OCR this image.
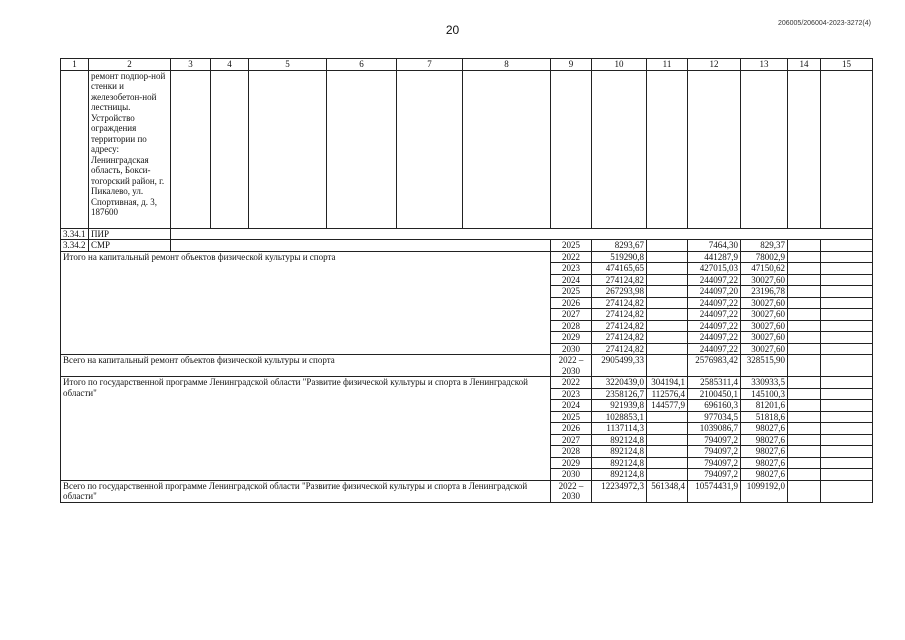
20	206005/206004-2023-3272(4)
1	2	3	4	5	6	7	8	9	10	11	12	13	14	15
	ремонт подпор-ной стенки и железобетон-ной лестницы. Устройство ограждения территории по адресу: Ленинградская область, Бокси-тогорский район, г. Пикалево, ул. Спортивная, д. 3, 187600													
3.34.1	ПИР													
3.34.2	СМР							2025	8293,67		7464,30	829,37		
Итого на капитальный ремонт объектов физической культуры и спорта								2022	519290,8		441287,9	78002,9		
								2023	474165,65		427015,03	47150,62		
								2024	274124,82		244097,22	30027,60		
								2025	267293,98		244097,20	23196,78		
								2026	274124,82		244097,22	30027,60		
								2027	274124,82		244097,22	30027,60		
								2028	274124,82		244097,22	30027,60		
								2029	274124,82		244097,22	30027,60		
								2030	274124,82		244097,22	30027,60		
Всего на капитальный ремонт объектов физической культуры и спорта								2022 – 2030	2905499,33		2576983,42	328515,90		
Итого по государственной программе Ленинградской области "Развитие физической культуры и спорта в Ленинградской области"								2022	3220439,0	304194,1	2585311,4	330933,5		
								2023	2358126,7	112576,4	2100450,1	145100,3		
								2024	921939,8	144577,9	696160,3	81201,6		
								2025	1028853,1		977034,5	51818,6		
								2026	1137114,3		1039086,7	98027,6		
								2027	892124,8		794097,2	98027,6		
								2028	892124,8		794097,2	98027,6		
								2029	892124,8		794097,2	98027,6		
								2030	892124,8		794097,2	98027,6		
Всего по государственной программе Ленинградской области "Развитие физической культуры и спорта в Ленинградской области"								2022 – 2030	12234972,3	561348,4	10574431,9	1099192,0		
